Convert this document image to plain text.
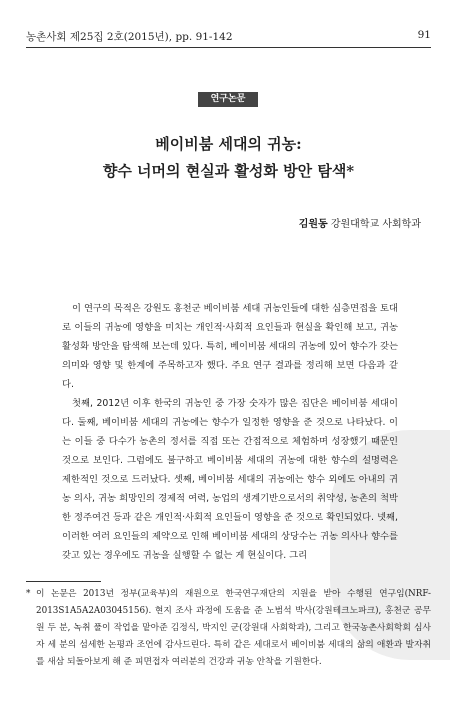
농촌사회 제25집 2호(2015년), pp. 91-142	91
연구논문
베이비붐 세대의 귀농:
향수 너머의 현실과 활성화 방안 탐색*
김원동 강원대학교 사회학과

이 연구의 목적은 강원도 홍천군 베이비붐 세대 귀농인들에 대한 심층면접을 토대로 이들의 귀농에 영향을 미치는 개인적·사회적 요인들과 현실을 확인해 보고, 귀농 활성화 방안을 탐색해 보는데 있다. 특히, 베이비붐 세대의 귀농에 있어 향수가 갖는 의미와 영향 및 한계에 주목하고자 했다. 주요 연구 결과를 정리해 보면 다음과 같다.

첫째, 2012년 이후 한국의 귀농인 중 가장 숫자가 많은 집단은 베이비붐 세대이다. 둘째, 베이비붐 세대의 귀농에는 향수가 일정한 영향을 준 것으로 나타났다. 이는 이들 중 다수가 농촌의 정서를 직접 또는 간접적으로 체험하며 성장했기 때문인 것으로 보인다. 그럼에도 불구하고 베이비붐 세대의 귀농에 대한 향수의 설명력은 제한적인 것으로 드러났다. 셋째, 베이비붐 세대의 귀농에는 향수 외에도 아내의 귀농 의사, 귀농 희망인의 경제적 여력, 농업의 생계기반으로서의 취약성, 농촌의 척박한 정주여건 등과 같은 개인적·사회적 요인들이 영향을 준 것으로 확인되었다. 넷째, 이러한 여러 요인들의 제약으로 인해 베이비붐 세대의 상당수는 귀농 의사나 향수를 갖고 있는 경우에도 귀농을 실행할 수 없는 게 현실이다. 그리

* 이 논문은 2013년 정부(교육부)의 재원으로 한국연구재단의 지원을 받아 수행된 연구임(NRF-2013S1A5A2A03045156). 현지 조사 과정에 도움을 준 노범석 박사(강원테크노파크), 홍천군 공무원 두 분, 녹취 풀이 작업을 맡아준 김정식, 박지인 군(강원대 사회학과), 그리고 한국농촌사회학회 심사자 세 분의 섬세한 논평과 조언에 감사드린다. 특히 같은 세대로서 베이비붐 세대의 삶의 애환과 발자취를 새삼 되돌아보게 해 준 피면접자 여러분의 건강과 귀농 안착을 기원한다.
